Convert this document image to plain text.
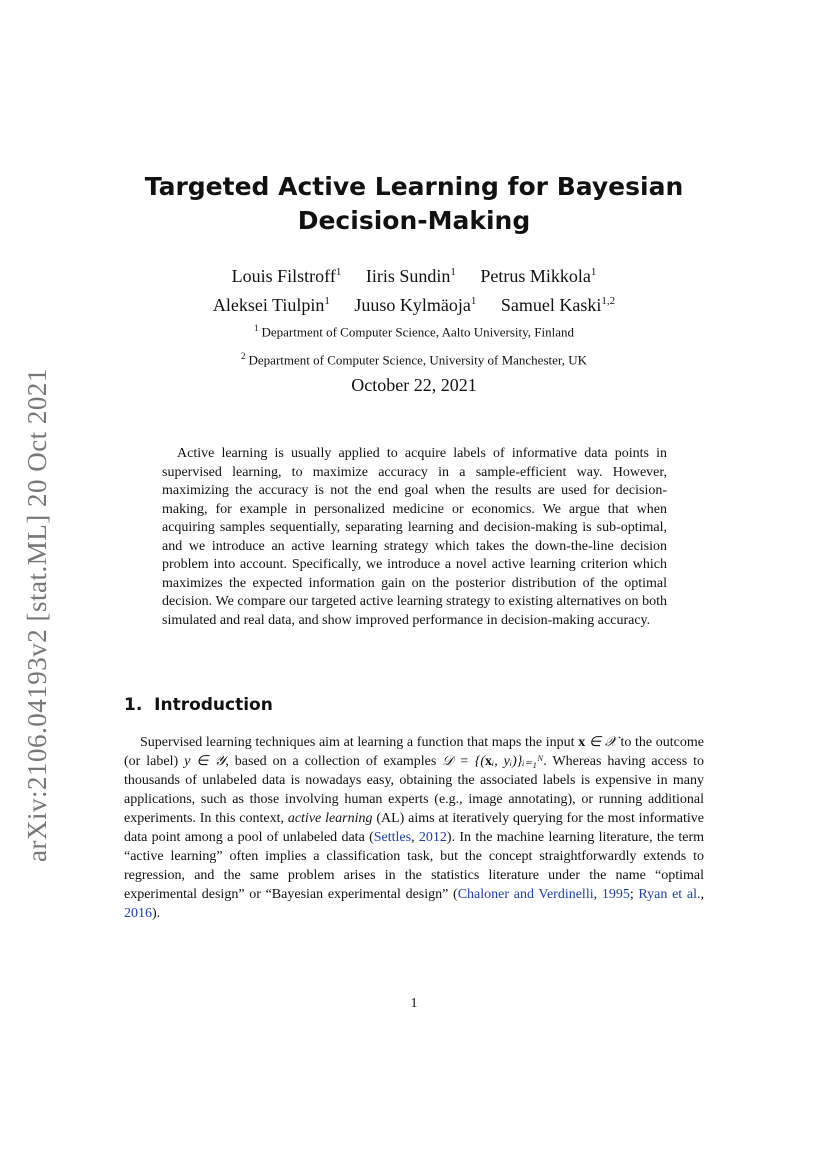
arXiv:2106.04193v2 [stat.ML] 20 Oct 2021
Targeted Active Learning for Bayesian
Decision-Making
Louis Filstroff$^1$ Iiris Sundin$^1$ Petrus Mikkola$^1$
Aleksei Tiulpin$^1$ Juuso Kylmäoja$^1$ Samuel Kaski$^{1,2}$
$^1$ Department of Computer Science, Aalto University, Finland
$^2$ Department of Computer Science, University of Manchester, UK
October 22, 2021

Active learning is usually applied to acquire labels of informative data points in supervised learning, to maximize accuracy in a sample-efficient way. However, maximizing the accuracy is not the end goal when the results are used for decision-making, for example in personalized medicine or economics. We argue that when acquiring samples sequentially, separating learning and decision-making is sub-optimal, and we introduce an active learning strategy which takes the down-the-line decision problem into account. Specifically, we introduce a novel active learning criterion which maximizes the expected information gain on the posterior distribution of the optimal decision. We compare our targeted active learning strategy to existing alternatives on both simulated and real data, and show improved performance in decision-making accuracy.

1. Introduction

Supervised learning techniques aim at learning a function that maps the input x ∈ 𝒳 to the outcome (or label) y ∈ 𝒴, based on a collection of examples 𝒟 = {(xᵢ, yᵢ)}ᵢ₌₁ᴺ. Whereas having access to thousands of unlabeled data is nowadays easy, obtaining the associated labels is expensive in many applications, such as those involving human experts (e.g., image annotating), or running additional experiments. In this context, active learning (AL) aims at iteratively querying for the most informative data point among a pool of unlabeled data (Settles, 2012). In the machine learning literature, the term “active learning” often implies a classification task, but the concept straightforwardly extends to regression, and the same problem arises in the statistics literature under the name “optimal experimental design” or “Bayesian experimental design” (Chaloner and Verdinelli, 1995; Ryan et al., 2016).

1
